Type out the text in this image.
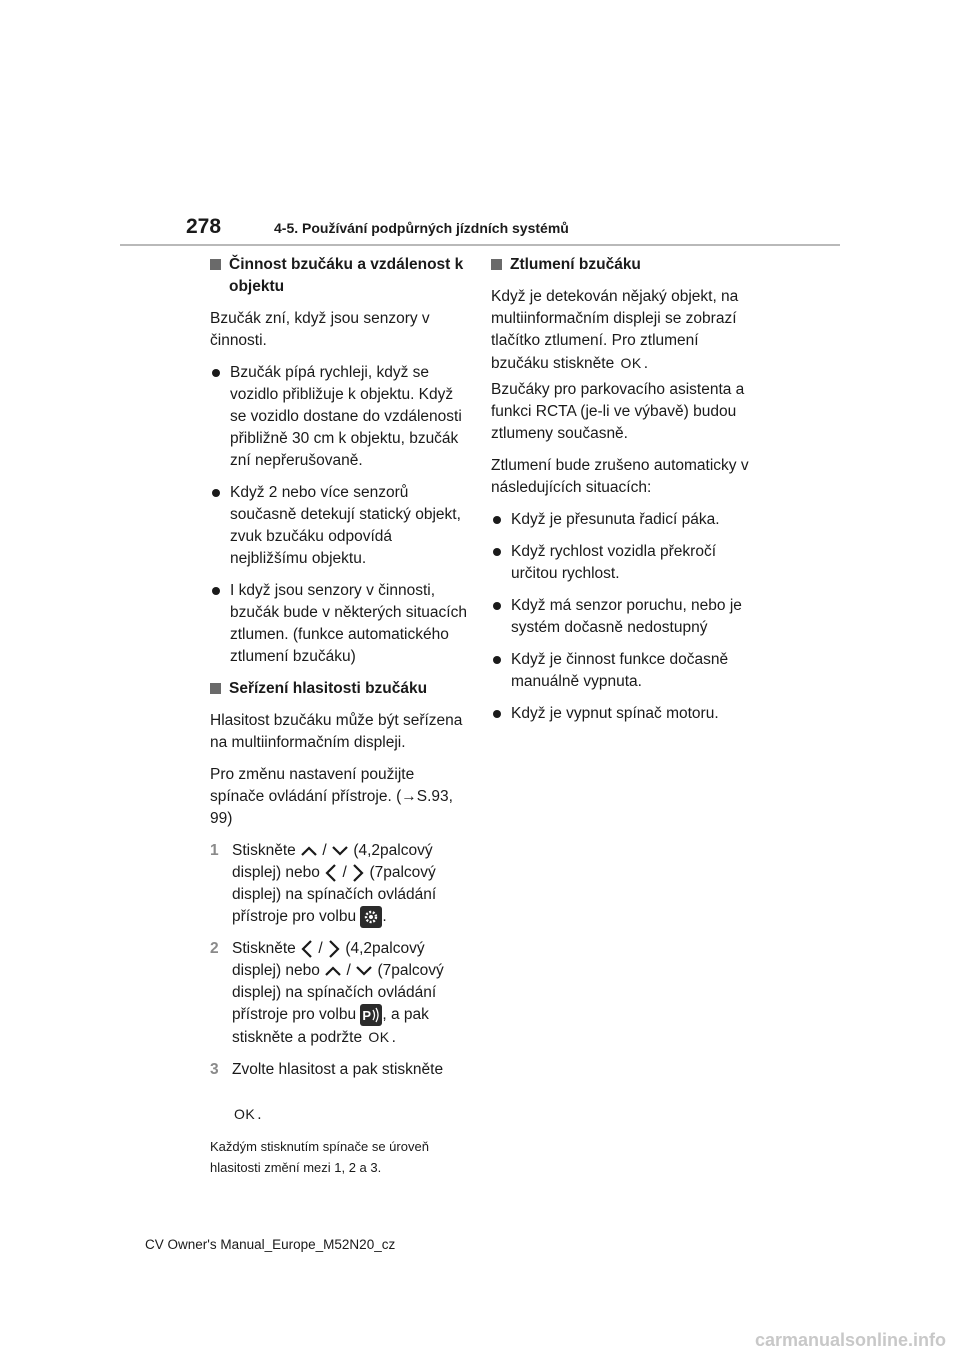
278	4-5. Používání podpůrných jízdních systémů
Činnost bzučáku a vzdálenost k objektu
Bzučák zní, když jsou senzory v činnosti.
Bzučák pípá rychleji, když se vozidlo přibližuje k objektu. Když se vozidlo dostane do vzdálenosti přibližně 30 cm k objektu, bzučák zní nepřerušovaně.
Když 2 nebo více senzorů současně detekují statický objekt, zvuk bzučáku odpovídá nejbližšímu objektu.
I když jsou senzory v činnosti, bzučák bude v některých situacích ztlumen. (funkce automatického ztlumení bzučáku)
Seřízení hlasitosti bzučáku
Hlasitost bzučáku může být seřízena na multiinformačním displeji.
Pro změnu nastavení použijte spínače ovládání přístroje. (→S.93, 99)
1 Stiskněte / (4,2palcový displej) nebo / (7palcový displej) na spínačích ovládání přístroje pro volbu .
2 Stiskněte / (4,2palcový displej) nebo / (7palcový displej) na spínačích ovládání přístroje pro volbu P , a pak stiskněte a podržte OK .
3 Zvolte hlasitost a pak stiskněte

OK .
Každým stisknutím spínače se úroveň hlasitosti změní mezi 1, 2 a 3.
Ztlumení bzučáku
Když je detekován nějaký objekt, na multiinformačním displeji se zobrazí tlačítko ztlumení. Pro ztlumení bzučáku stiskněte OK .
Bzučáky pro parkovacího asistenta a funkci RCTA (je-li ve výbavě) budou ztlumeny současně.
Ztlumení bude zrušeno automaticky v následujících situacích:
Když je přesunuta řadicí páka.
Když rychlost vozidla překročí určitou rychlost.
Když má senzor poruchu, nebo je systém dočasně nedostupný
Když je činnost funkce dočasně manuálně vypnuta.
Když je vypnut spínač motoru.
CV Owner's Manual_Europe_M52N20_cz
carmanualsonline.info
